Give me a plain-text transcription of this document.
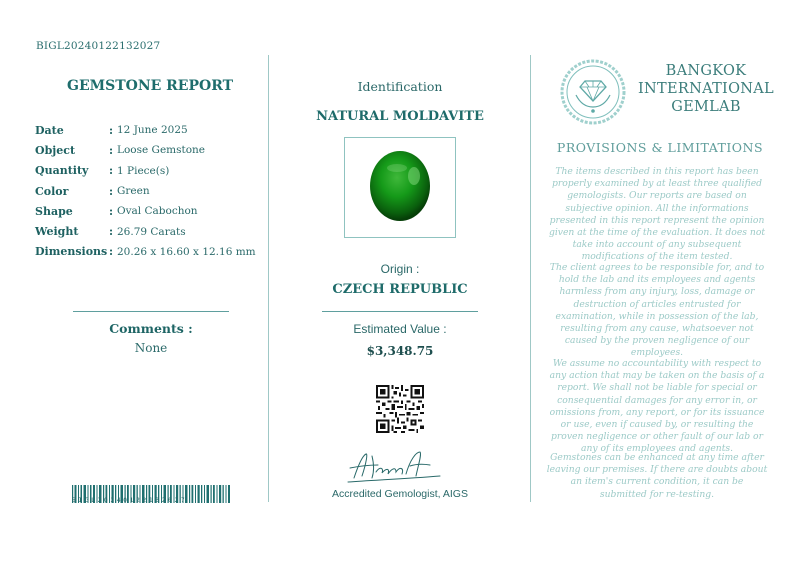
BIGL20240122132027
GEMSTONE REPORT
Date	: 12 June 2025
Object	: Loose Gemstone
Quantity	: 1 Piece(s)
Color	: Green
Shape	: Oval Cabochon
Weight	: 26.79 Carats
Dimensions : 20.26 x 16.60 x 12.16 mm
Comments :
None
BIGL20240122132027
Identification
NATURAL MOLDAVITE
Origin :
CZECH REPUBLIC
Estimated Value :
$3,348.75
Accredited Gemologist, AIGS
BANGKOK
INTERNATIONAL
GEMLAB
PROVISIONS & LIMITATIONS
The items described in this report has been properly examined by at least three qualified gemologists. Our reports are based on subjective opinion. All the informations presented in this report represent the opinion given at the time of the evaluation. It does not take into account of any subsequent modifications of the item tested.
The client agrees to be responsible for, and to hold the lab and its employees and agents harmless from any injury, loss, damage or destruction of articles entrusted for examination, while in possession of the lab, resulting from any cause, whatsoever not caused by the proven negligence of our employees.
We assume no accountability with respect to any action that may be taken on the basis of a report. We shall not be liable for special or consequential damages for any error in, or omissions from, any report, or for its issuance or use, even if caused by, or resulting the proven negligence or other fault of our lab or any of its employees and agents.
Gemstones can be enhanced at any time after leaving our premises. If there are doubts about an item's current condition, it can be submitted for re-testing.
